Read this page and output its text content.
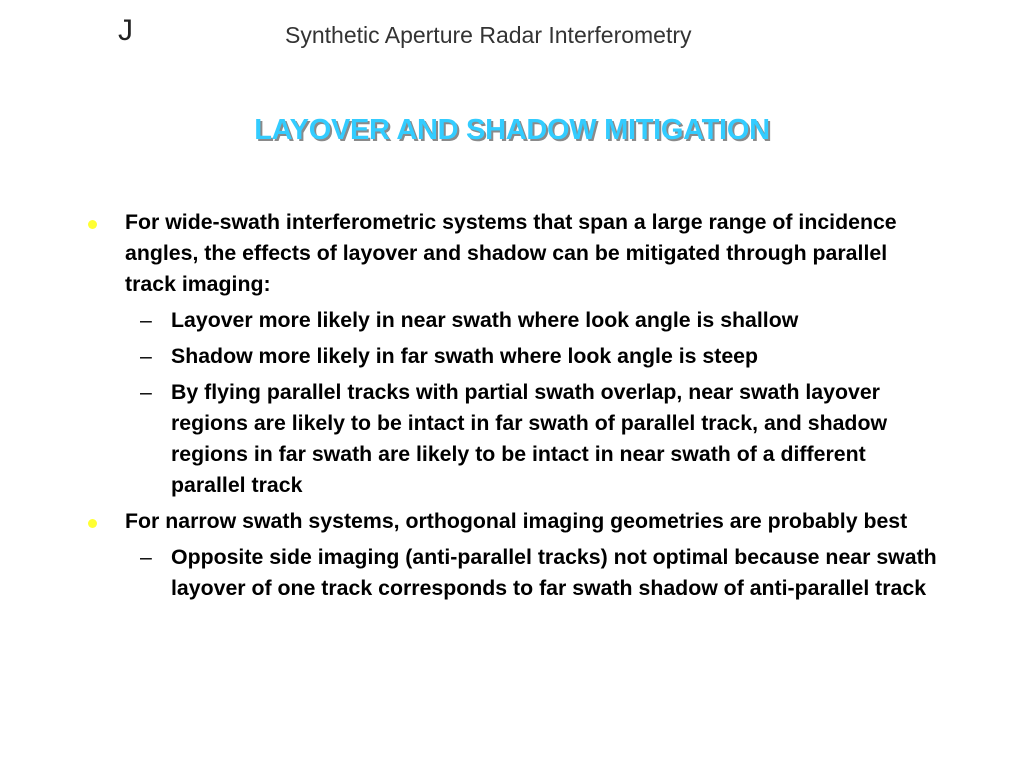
J	Synthetic Aperture Radar Interferometry
LAYOVER AND SHADOW MITIGATION
For wide-swath interferometric systems that span a large range of incidence angles, the effects of layover and shadow can be mitigated through parallel track imaging:
– Layover more likely in near swath where look angle is shallow
– Shadow more likely in far swath where look angle is steep
– By flying parallel tracks with partial swath overlap, near swath layover regions are likely to be intact in far swath of parallel track, and shadow regions in far swath are likely to be intact in near swath of a different parallel track
For narrow swath systems, orthogonal imaging geometries are probably best
– Opposite side imaging (anti-parallel tracks) not optimal because near swath layover of one track corresponds to far swath shadow of anti-parallel track
